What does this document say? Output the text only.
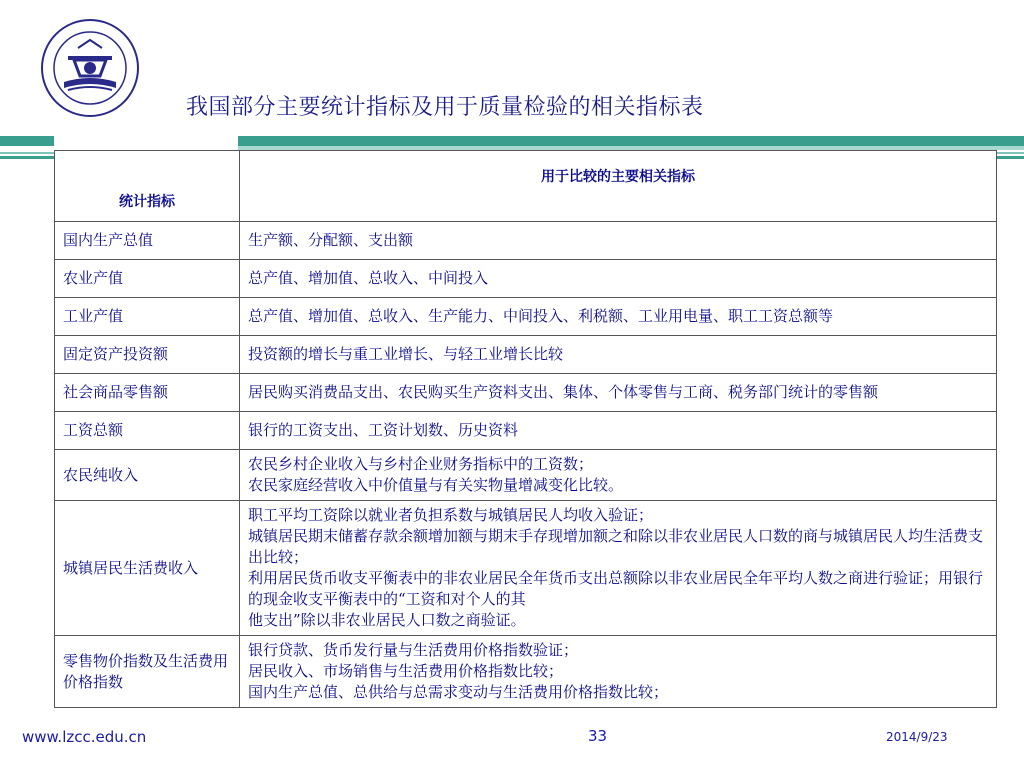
我国部分主要统计指标及用于质量检验的相关指标表
统计指标	用于比较的主要相关指标
国内生产总值	生产额、分配额、支出额

农业产值	总产值、增加值、总收入、中间投入

工业产值	总产值、增加值、总收入、生产能力、中间投入、利税额、工业用电量、职工工资总额等

固定资产投资额	投资额的增长与重工业增长、与轻工业增长比较

社会商品零售额	居民购买消费品支出、农民购买生产资料支出、集体、个体零售与工商、税务部门统计的零售额

工资总额	银行的工资支出、工资计划数、历史资料

农民纯收入	农民乡村企业收入与乡村企业财务指标中的工资数；
农民家庭经营收入中价值量与有关实物量增减变化比较。

城镇居民生活费收入	职工平均工资除以就业者负担系数与城镇居民人均收入验证；
城镇居民期末储蓄存款余额增加额与期末手存现增加额之和除以非农业居民人口数的商与城镇居民人均生活费支出比较；
利用居民货币收支平衡表中的非农业居民全年货币支出总额除以非农业居民全年平均人数之商进行验证；用银行的现金收支平衡表中的“工资和对个人的其
他支出”除以非农业居民人口数之商验证。

零售物价指数及生活费用价格指数	银行贷款、货币发行量与生活费用价格指数验证；
居民收入、市场销售与生活费用价格指数比较；
国内生产总值、总供给与总需求变动与生活费用价格指数比较；
www.lzcc.edu.cn	33	2014/9/23
